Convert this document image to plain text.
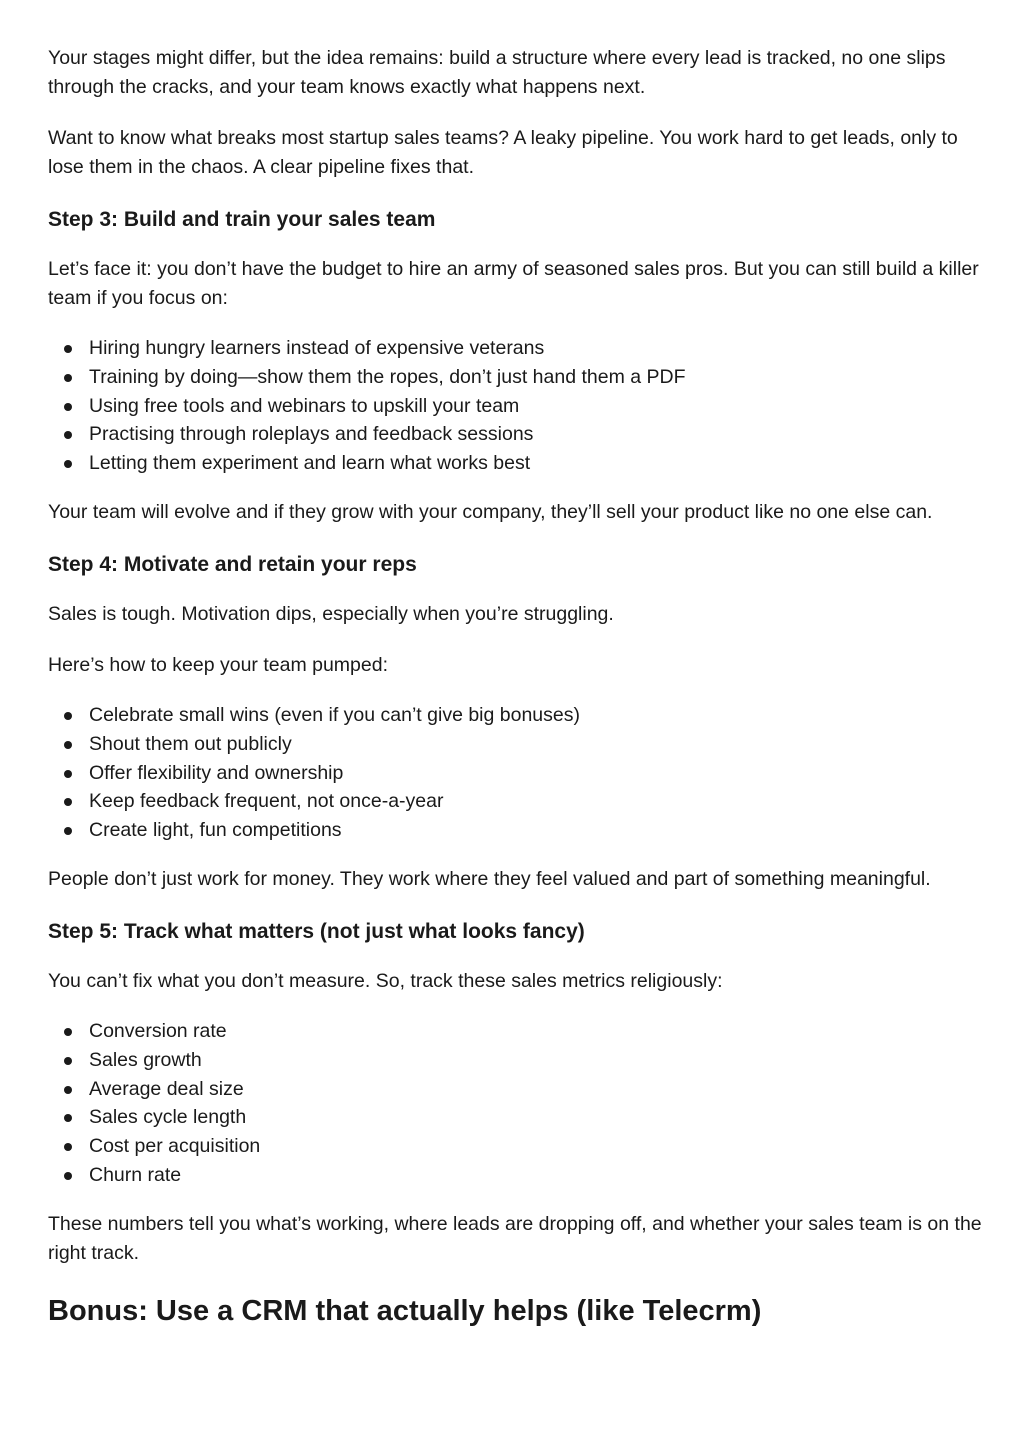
Your stages might differ, but the idea remains: build a structure where every lead is tracked, no one slips through the cracks, and your team knows exactly what happens next.

Want to know what breaks most startup sales teams? A leaky pipeline. You work hard to get leads, only to lose them in the chaos. A clear pipeline fixes that.

Step 3: Build and train your sales team

Let’s face it: you don’t have the budget to hire an army of seasoned sales pros. But you can still build a killer team if you focus on:

Hiring hungry learners instead of expensive veterans
Training by doing—show them the ropes, don’t just hand them a PDF
Using free tools and webinars to upskill your team
Practising through roleplays and feedback sessions
Letting them experiment and learn what works best

Your team will evolve and if they grow with your company, they’ll sell your product like no one else can.

Step 4: Motivate and retain your reps

Sales is tough. Motivation dips, especially when you’re struggling.

Here’s how to keep your team pumped:

Celebrate small wins (even if you can’t give big bonuses)
Shout them out publicly
Offer flexibility and ownership
Keep feedback frequent, not once-a-year
Create light, fun competitions

People don’t just work for money. They work where they feel valued and part of something meaningful.

Step 5: Track what matters (not just what looks fancy)

You can’t fix what you don’t measure. So, track these sales metrics religiously:

Conversion rate
Sales growth
Average deal size
Sales cycle length
Cost per acquisition
Churn rate

These numbers tell you what’s working, where leads are dropping off, and whether your sales team is on the right track.

Bonus: Use a CRM that actually helps (like Telecrm)
